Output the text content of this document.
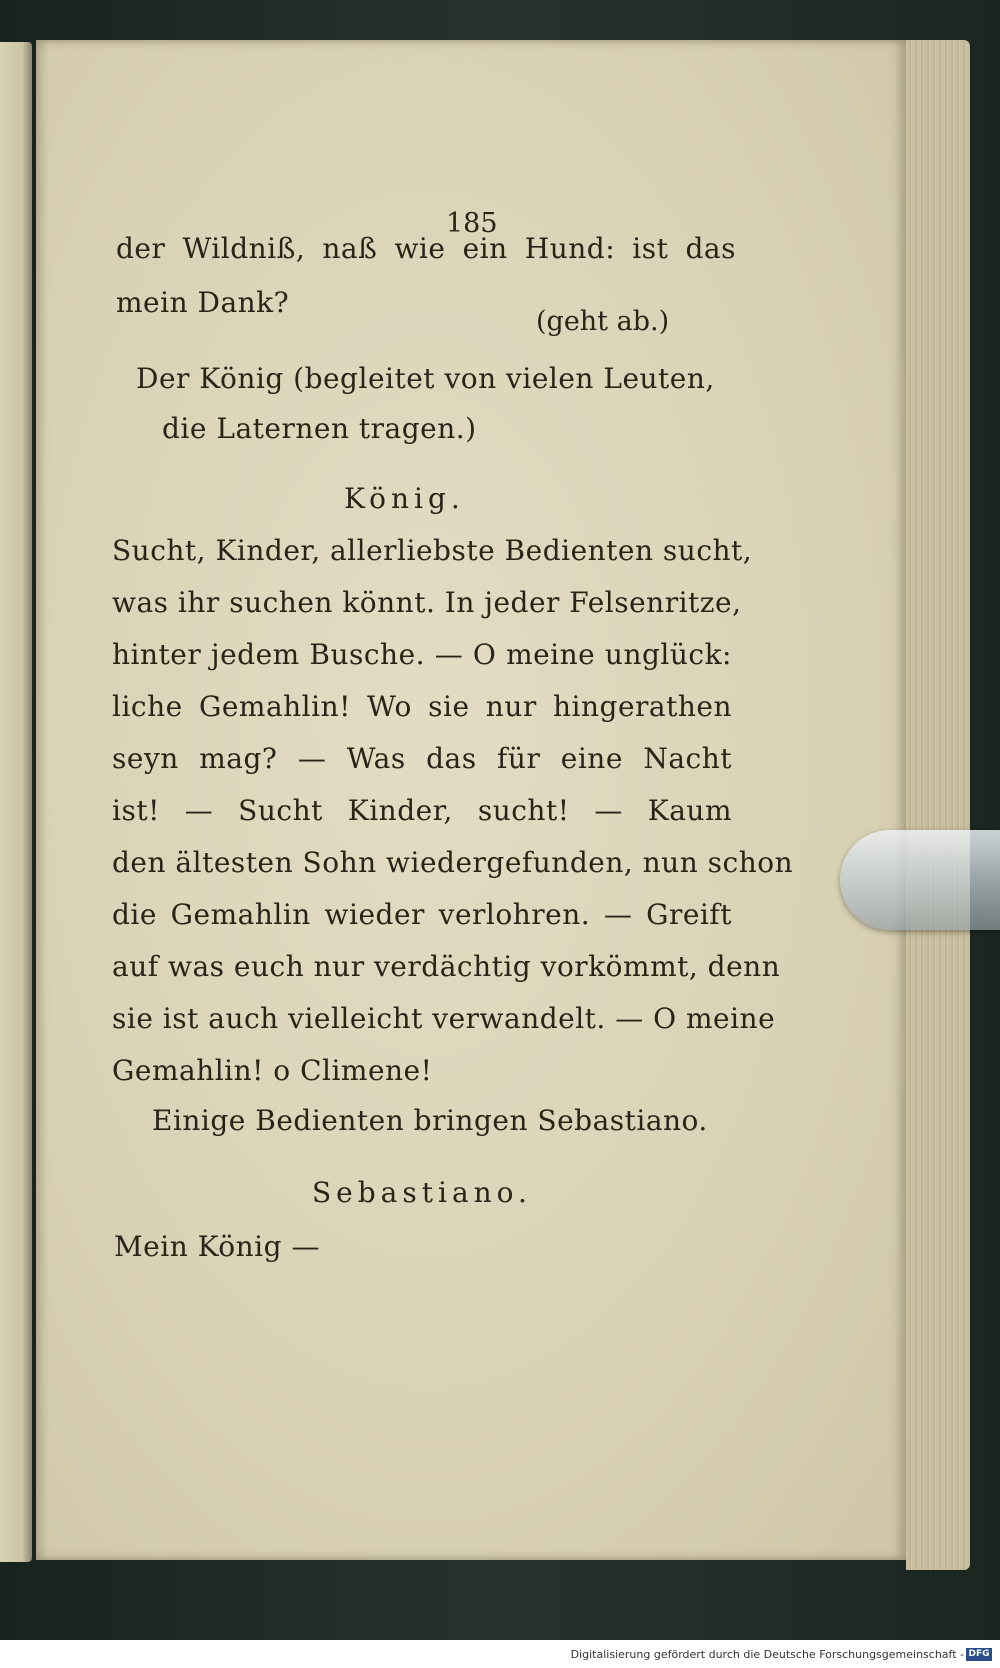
185
der Wildniß, naß wie ein Hund: ist das
mein Dank?
(geht ab.)
Der König (begleitet von vielen Leuten,
die Laternen tragen.)
König.
Sucht, Kinder, allerliebste Bedienten sucht,
was ihr suchen könnt. In jeder Felsenritze,
hinter jedem Busche. — O meine unglück:
liche Gemahlin! Wo sie nur hingerathen
seyn mag? — Was das für eine Nacht
ist! — Sucht Kinder, sucht! — Kaum
den ältesten Sohn wiedergefunden, nun schon
die Gemahlin wieder verlohren. — Greift
auf was euch nur verdächtig vorkömmt, denn
sie ist auch vielleicht verwandelt. — O meine
Gemahlin! o Climene!
Einige Bedienten bringen Sebastiano.
Sebastiano.
Mein König —
Digitalisierung gefördert durch die Deutsche Forschungsgemeinschaft - DFG
